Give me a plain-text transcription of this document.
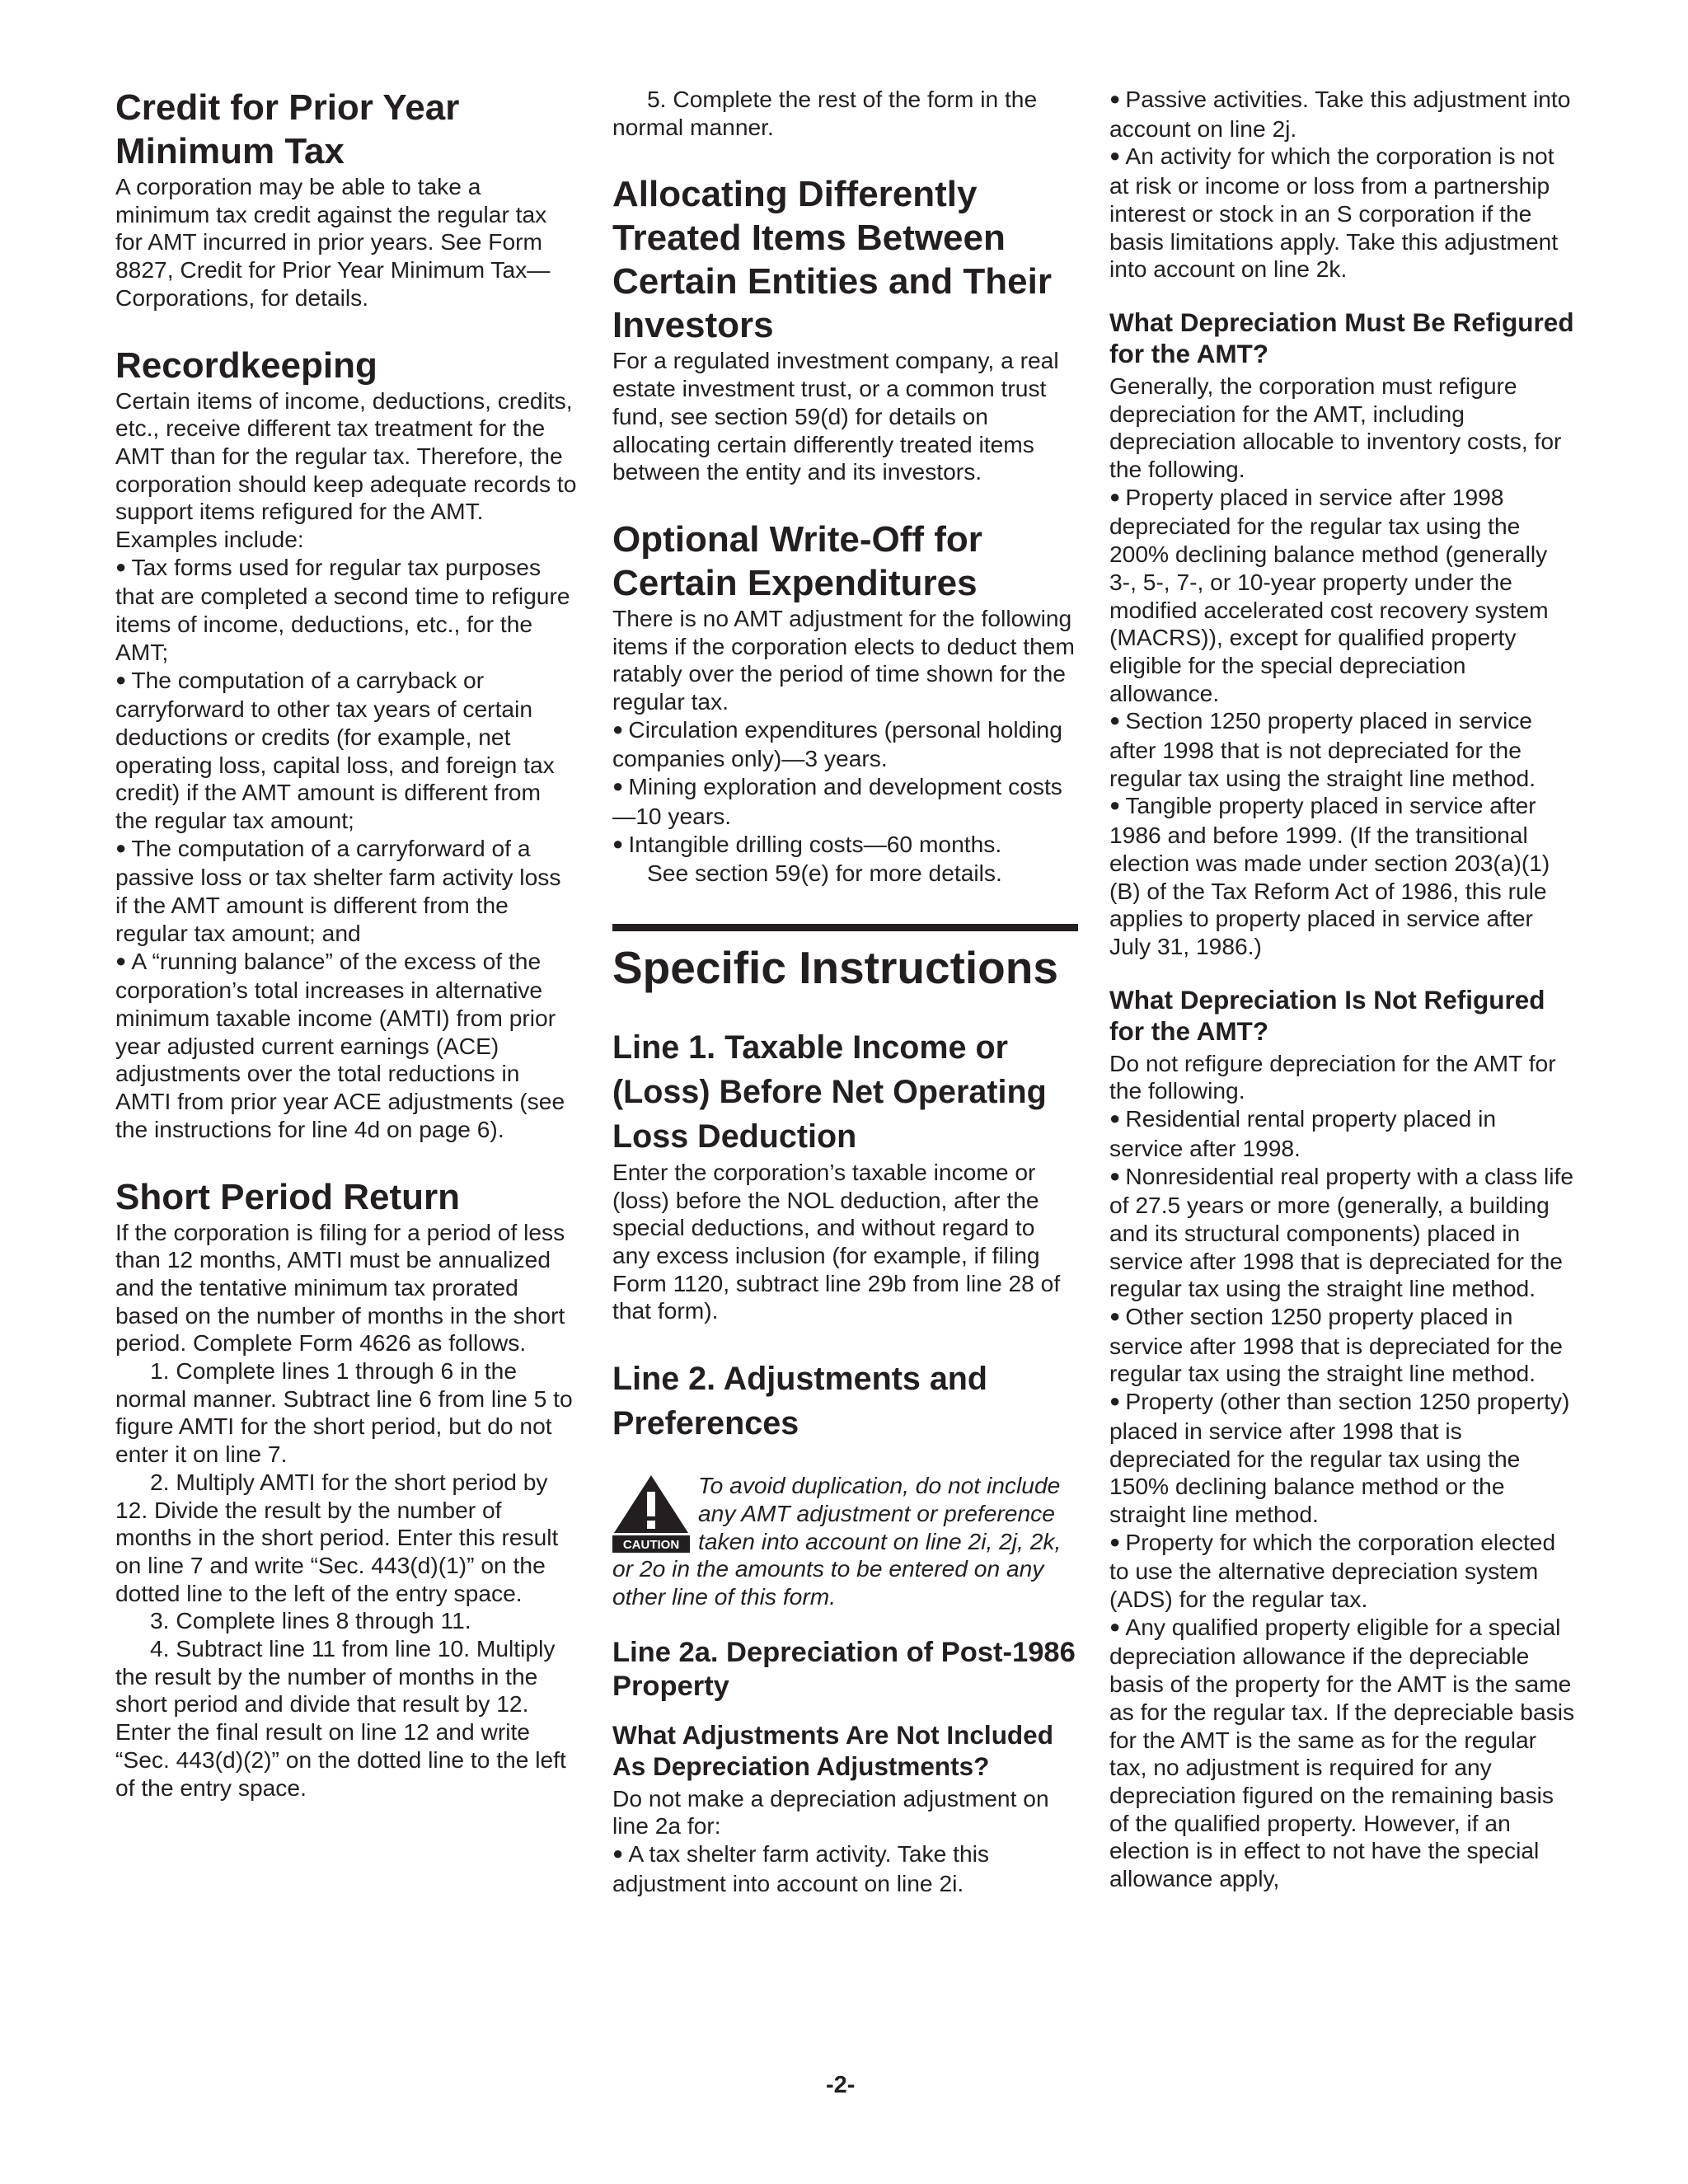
Credit for Prior Year Minimum Tax

A corporation may be able to take a minimum tax credit against the regular tax for AMT incurred in prior years. See Form 8827, Credit for Prior Year Minimum Tax—Corporations, for details.

Recordkeeping

Certain items of income, deductions, credits, etc., receive different tax treatment for the AMT than for the regular tax. Therefore, the corporation should keep adequate records to support items refigured for the AMT. Examples include:

● Tax forms used for regular tax purposes that are completed a second time to refigure items of income, deductions, etc., for the AMT;

● The computation of a carryback or carryforward to other tax years of certain deductions or credits (for example, net operating loss, capital loss, and foreign tax credit) if the AMT amount is different from the regular tax amount;

● The computation of a carryforward of a passive loss or tax shelter farm activity loss if the AMT amount is different from the regular tax amount; and

● A “running balance” of the excess of the corporation’s total increases in alternative minimum taxable income (AMTI) from prior year adjusted current earnings (ACE) adjustments over the total reductions in AMTI from prior year ACE adjustments (see the instructions for line 4d on page 6).

Short Period Return

If the corporation is filing for a period of less than 12 months, AMTI must be annualized and the tentative minimum tax prorated based on the number of months in the short period. Complete Form 4626 as follows.

1. Complete lines 1 through 6 in the normal manner. Subtract line 6 from line 5 to figure AMTI for the short period, but do not enter it on line 7.

2. Multiply AMTI for the short period by 12. Divide the result by the number of months in the short period. Enter this result on line 7 and write “Sec. 443(d)(1)” on the dotted line to the left of the entry space.

3. Complete lines 8 through 11.

4. Subtract line 11 from line 10. Multiply the result by the number of months in the short period and divide that result by 12. Enter the final result on line 12 and write “Sec. 443(d)(2)” on the dotted line to the left of the entry space.

5. Complete the rest of the form in the normal manner.

Allocating Differently Treated Items Between Certain Entities and Their Investors

For a regulated investment company, a real estate investment trust, or a common trust fund, see section 59(d) for details on allocating certain differently treated items between the entity and its investors.

Optional Write-Off for Certain Expenditures

There is no AMT adjustment for the following items if the corporation elects to deduct them ratably over the period of time shown for the regular tax.

● Circulation expenditures (personal holding companies only)—3 years.

● Mining exploration and development costs—10 years.

● Intangible drilling costs—60 months.

See section 59(e) for more details.

Specific Instructions
Line 1. Taxable Income or (Loss) Before Net Operating Loss Deduction

Enter the corporation’s taxable income or (loss) before the NOL deduction, after the special deductions, and without regard to any excess inclusion (for example, if filing Form 1120, subtract line 29b from line 28 of that form).

Line 2. Adjustments and Preferences
CAUTION

To avoid duplication, do not include any AMT adjustment or preference taken into account on line 2i, 2j, 2k, or 2o in the amounts to be entered on any other line of this form.

Line 2a. Depreciation of Post-1986 Property
What Adjustments Are Not Included As Depreciation Adjustments?

Do not make a depreciation adjustment on line 2a for:

● A tax shelter farm activity. Take this adjustment into account on line 2i.

● Passive activities. Take this adjustment into account on line 2j.

● An activity for which the corporation is not at risk or income or loss from a partnership interest or stock in an S corporation if the basis limitations apply. Take this adjustment into account on line 2k.

What Depreciation Must Be Refigured for the AMT?

Generally, the corporation must refigure depreciation for the AMT, including depreciation allocable to inventory costs, for the following.

● Property placed in service after 1998 depreciated for the regular tax using the 200% declining balance method (generally 3-, 5-, 7-, or 10-year property under the modified accelerated cost recovery system (MACRS)), except for qualified property eligible for the special depreciation allowance.

● Section 1250 property placed in service after 1998 that is not depreciated for the regular tax using the straight line method.

● Tangible property placed in service after 1986 and before 1999. (If the transitional election was made under section 203(a)(1)(B) of the Tax Reform Act of 1986, this rule applies to property placed in service after July 31, 1986.)

What Depreciation Is Not Refigured for the AMT?

Do not refigure depreciation for the AMT for the following.

● Residential rental property placed in service after 1998.

● Nonresidential real property with a class life of 27.5 years or more (generally, a building and its structural components) placed in service after 1998 that is depreciated for the regular tax using the straight line method.

● Other section 1250 property placed in service after 1998 that is depreciated for the regular tax using the straight line method.

● Property (other than section 1250 property) placed in service after 1998 that is depreciated for the regular tax using the 150% declining balance method or the straight line method.

● Property for which the corporation elected to use the alternative depreciation system (ADS) for the regular tax.

● Any qualified property eligible for a special depreciation allowance if the depreciable basis of the property for the AMT is the same as for the regular tax. If the depreciable basis for the AMT is the same as for the regular tax, no adjustment is required for any depreciation figured on the remaining basis of the qualified property. However, if an election is in effect to not have the special allowance apply,

-2-
